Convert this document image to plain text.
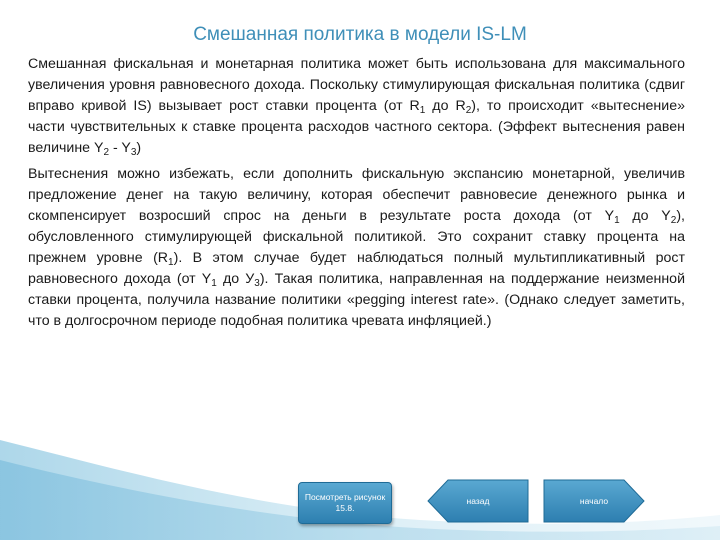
Смешанная политика в модели IS-LM

Смешанная фискальная и монетарная политика может быть использована для максимального увеличения уровня равновесного дохода. Поскольку стимулирующая фискальная политика (сдвиг вправо кривой IS) вызывает рост ставки процента (от $R_1$ до $R_2$), то происходит «вытеснение» части чувствительных к ставке процента расходов частного сектора. (Эффект вытеснения равен величине $Y_2 - Y_3$)

Вытеснения можно избежать, если дополнить фискальную экспансию монетарной, увеличив предложение денег на такую величину, которая обеспечит равновесие денежного рынка и скомпенсирует возросший спрос на деньги в результате роста дохода (от $Y_1$ до $Y_2$), обусловленного стимулирующей фискальной политикой. Это сохранит ставку процента на прежнем уровне $(R_1)$. В этом случае будет наблюдаться полный мультипликативный рост равновесного дохода (от $Y_1$ до $У_3$). Такая политика, направленная на поддержание неизменной ставки процента, получила название политики «pegging interest rate». (Однако следует заметить, что в долгосрочном периоде подобная политика чревата инфляцией.)

Посмотреть рисунок 15.8.
назад	начало
